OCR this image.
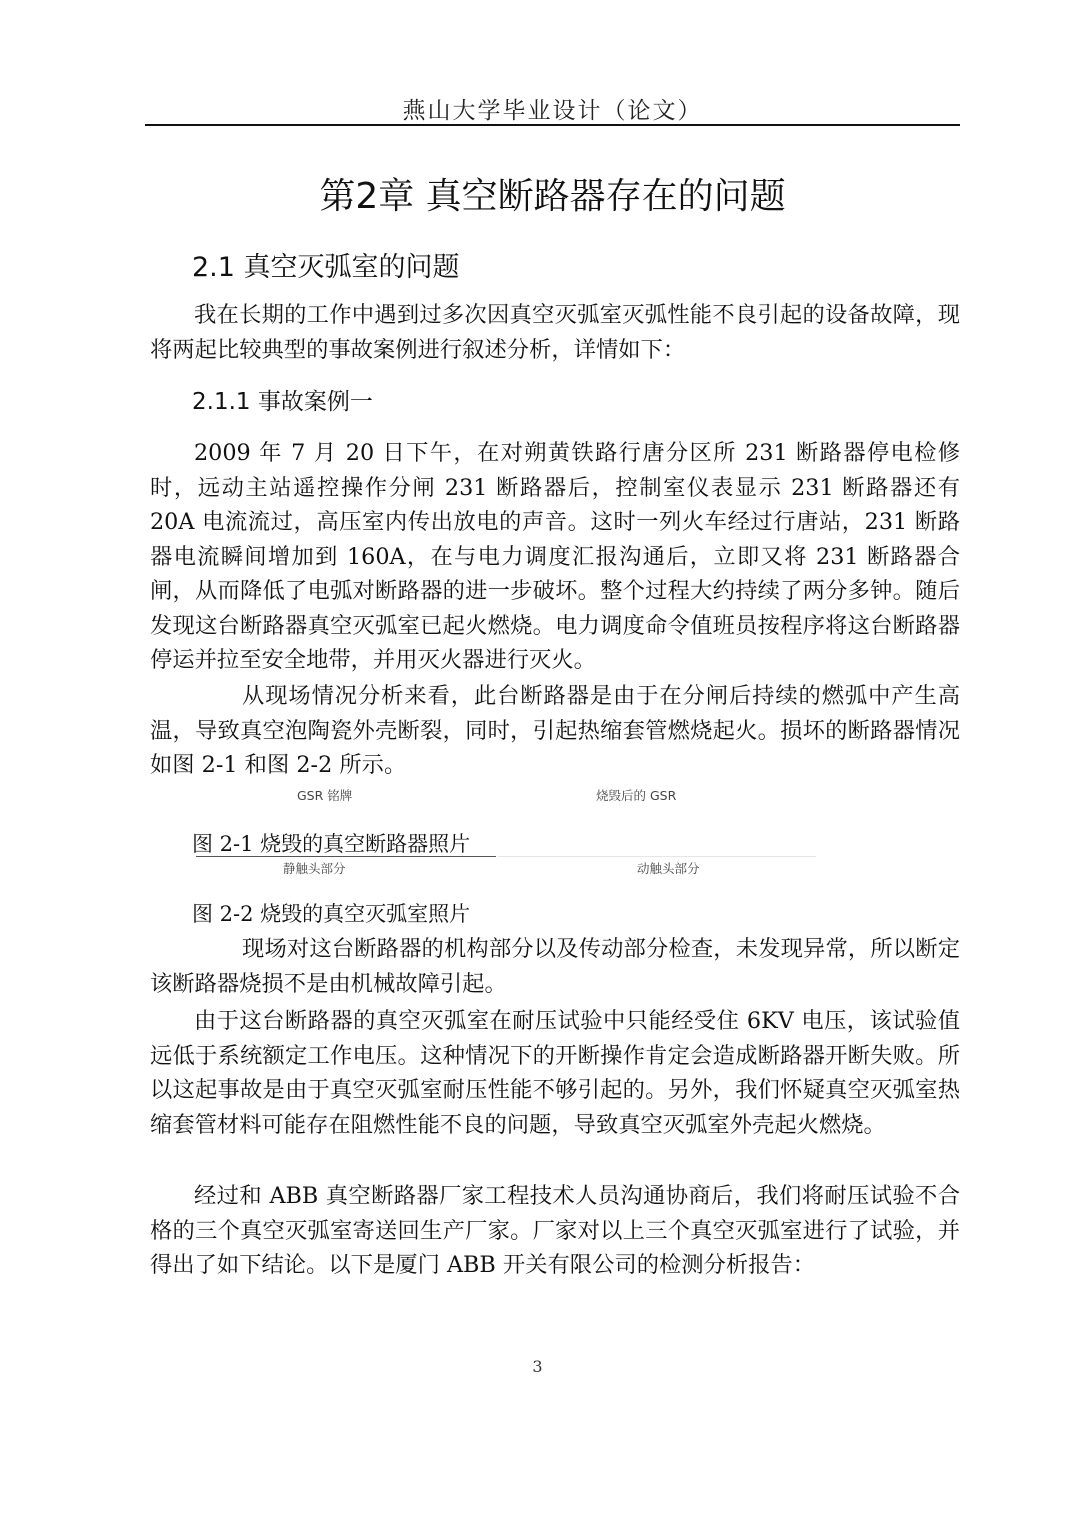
燕山大学毕业设计（论文）
第2章 真空断路器存在的问题
2.1 真空灭弧室的问题
我在长期的工作中遇到过多次因真空灭弧室灭弧性能不良引起的设备故障，现将两起比较典型的事故案例进行叙述分析，详情如下：
2.1.1 事故案例一
2009 年 7 月 20 日下午，在对朔黄铁路行唐分区所 231 断路器停电检修时，远动主站遥控操作分闸 231 断路器后，控制室仪表显示 231 断路器还有 20A 电流流过，高压室内传出放电的声音。这时一列火车经过行唐站，231 断路器电流瞬间增加到 160A，在与电力调度汇报沟通后，立即又将 231 断路器合闸，从而降低了电弧对断路器的进一步破坏。整个过程大约持续了两分多钟。随后发现这台断路器真空灭弧室已起火燃烧。电力调度命令值班员按程序将这台断路器停运并拉至安全地带，并用灭火器进行灭火。
从现场情况分析来看，此台断路器是由于在分闸后持续的燃弧中产生高温，导致真空泡陶瓷外壳断裂，同时，引起热缩套管燃烧起火。损坏的断路器情况如图 2-1 和图 2-2 所示。
GSR 铭牌	烧毁后的 GSR
图 2-1 烧毁的真空断路器照片
静触头部分	动触头部分
图 2-2 烧毁的真空灭弧室照片
现场对这台断路器的机构部分以及传动部分检查，未发现异常，所以断定该断路器烧损不是由机械故障引起。
由于这台断路器的真空灭弧室在耐压试验中只能经受住 6KV 电压，该试验值远低于系统额定工作电压。这种情况下的开断操作肯定会造成断路器开断失败。所以这起事故是由于真空灭弧室耐压性能不够引起的。另外，我们怀疑真空灭弧室热缩套管材料可能存在阻燃性能不良的问题，导致真空灭弧室外壳起火燃烧。
经过和 ABB 真空断路器厂家工程技术人员沟通协商后，我们将耐压试验不合格的三个真空灭弧室寄送回生产厂家。厂家对以上三个真空灭弧室进行了试验，并得出了如下结论。以下是厦门 ABB 开关有限公司的检测分析报告：
3
